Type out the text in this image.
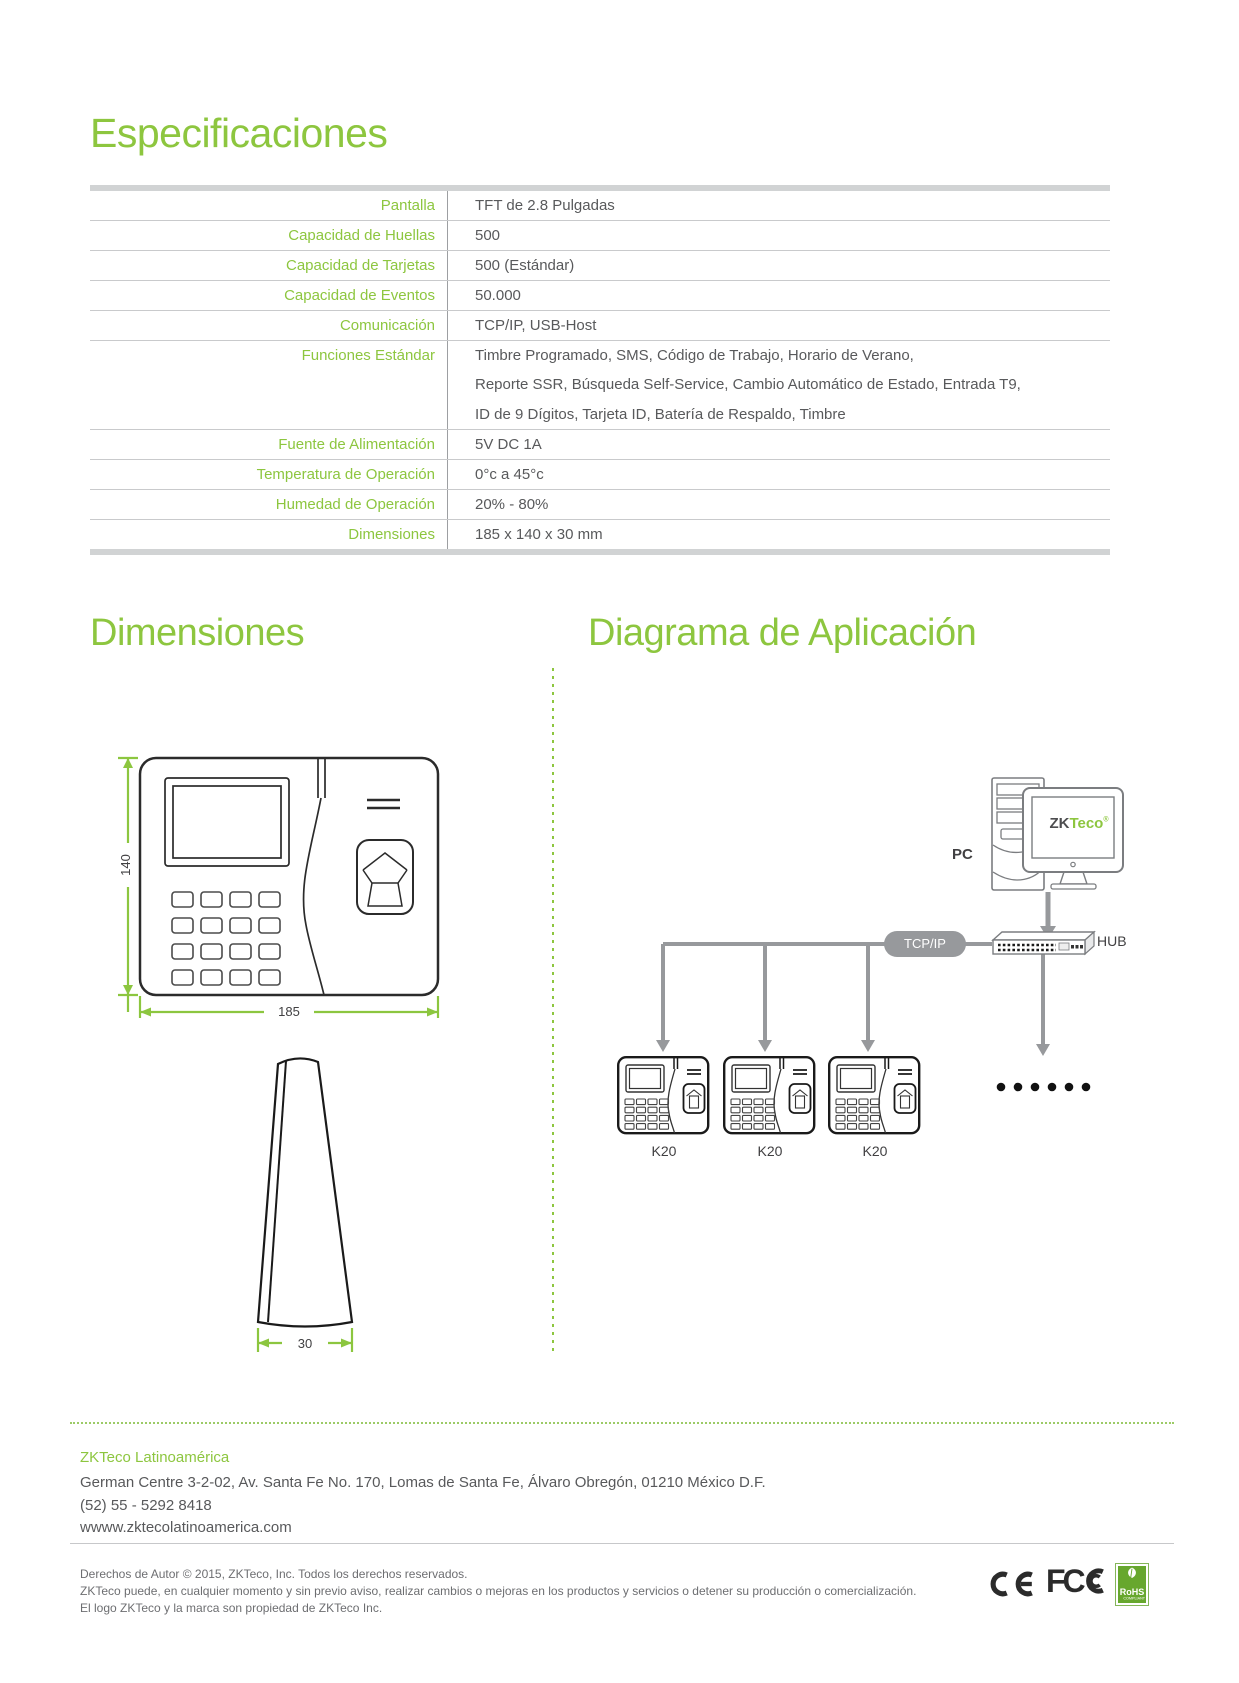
Especificaciones
Pantalla	TFT de 2.8 Pulgadas
Capacidad de Huellas	500
Capacidad de Tarjetas	500 (Estándar)
Capacidad de Eventos	50.000
Comunicación	TCP/IP, USB-Host
Funciones Estándar	Timbre Programado, SMS, Código de Trabajo, Horario de Verano,
Reporte SSR, Búsqueda Self-Service, Cambio Automático de Estado, Entrada T9,
ID de 9 Dígitos, Tarjeta ID, Batería de Respaldo, Timbre
Fuente de Alimentación	5V DC 1A
Temperatura de Operación	0°c a 45°c
Humedad de Operación	20% - 80%
Dimensiones	185 x 140 x 30 mm
Dimensiones	Diagrama de Aplicación
140
185
30
PC
HUB
TCP/IP
ZKTeco®
K20	K20	K20
ZKTeco Latinoamérica
German Centre 3-2-02, Av. Santa Fe No. 170, Lomas de Santa Fe, Álvaro Obregón, 01210 México D.F.
(52) 55 - 5292 8418
wwww.zktecolatinoamerica.com
Derechos de Autor © 2015, ZKTeco, Inc. Todos los derechos reservados.
ZKTeco puede, en cualquier momento y sin previo aviso, realizar cambios o mejoras en los productos y servicios o detener su producción o comercialización.
El logo ZKTeco y la marca son propiedad de ZKTeco Inc.
FC	RoHS
COMPLIANT
